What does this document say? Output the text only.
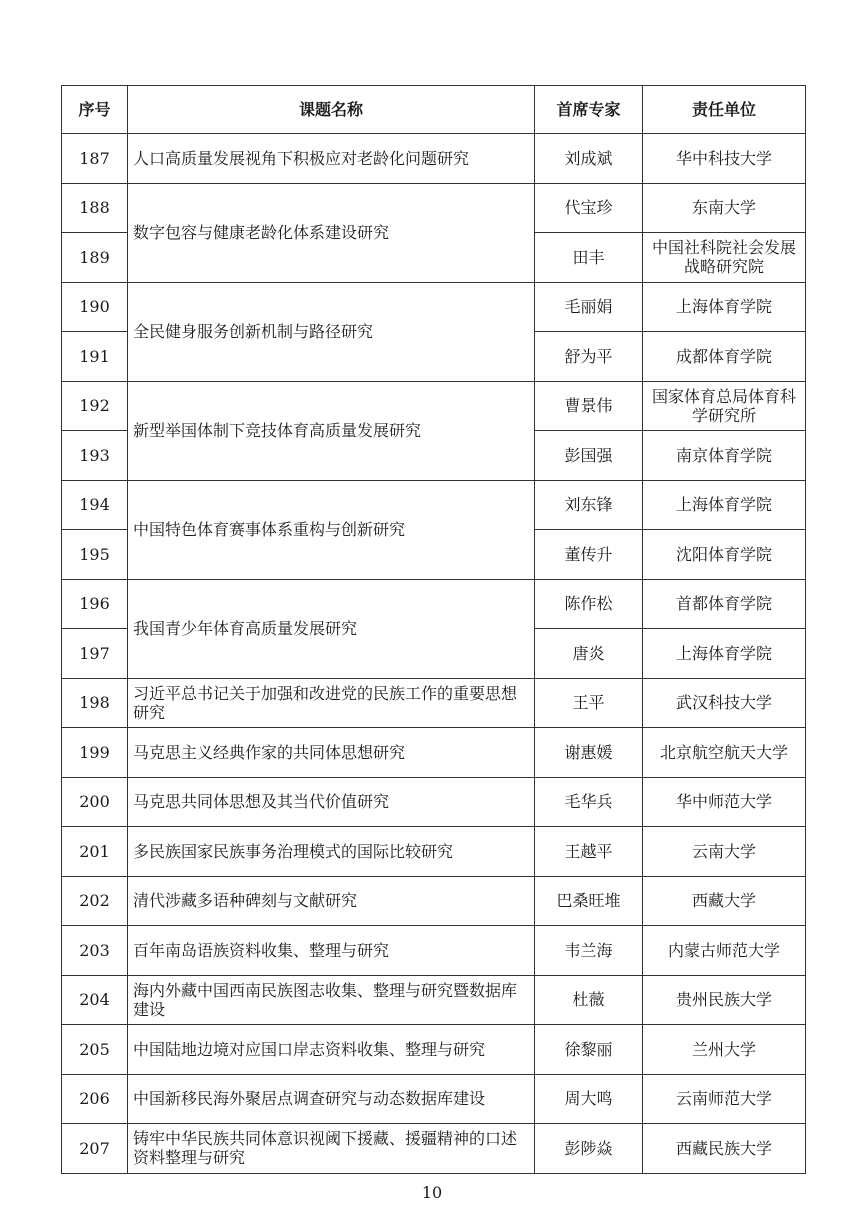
序号	课题名称	首席专家	责任单位
187	人口高质量发展视角下积极应对老龄化问题研究	刘成斌	华中科技大学
188	数字包容与健康老龄化体系建设研究	代宝珍	东南大学
189		田丰	中国社科院社会发展战略研究院
190	全民健身服务创新机制与路径研究	毛丽娟	上海体育学院
191		舒为平	成都体育学院
192	新型举国体制下竞技体育高质量发展研究	曹景伟	国家体育总局体育科学研究所
193		彭国强	南京体育学院
194	中国特色体育赛事体系重构与创新研究	刘东锋	上海体育学院
195		董传升	沈阳体育学院
196	我国青少年体育高质量发展研究	陈作松	首都体育学院
197		唐炎	上海体育学院
198	习近平总书记关于加强和改进党的民族工作的重要思想研究	王平	武汉科技大学
199	马克思主义经典作家的共同体思想研究	谢惠媛	北京航空航天大学
200	马克思共同体思想及其当代价值研究	毛华兵	华中师范大学
201	多民族国家民族事务治理模式的国际比较研究	王越平	云南大学
202	清代涉藏多语种碑刻与文献研究	巴桑旺堆	西藏大学
203	百年南岛语族资料收集、整理与研究	韦兰海	内蒙古师范大学
204	海内外藏中国西南民族图志收集、整理与研究暨数据库建设	杜薇	贵州民族大学
205	中国陆地边境对应国口岸志资料收集、整理与研究	徐黎丽	兰州大学
206	中国新移民海外聚居点调查研究与动态数据库建设	周大鸣	云南师范大学
207	铸牢中华民族共同体意识视阈下援藏、援疆精神的口述资料整理与研究	彭陟焱	西藏民族大学
10
